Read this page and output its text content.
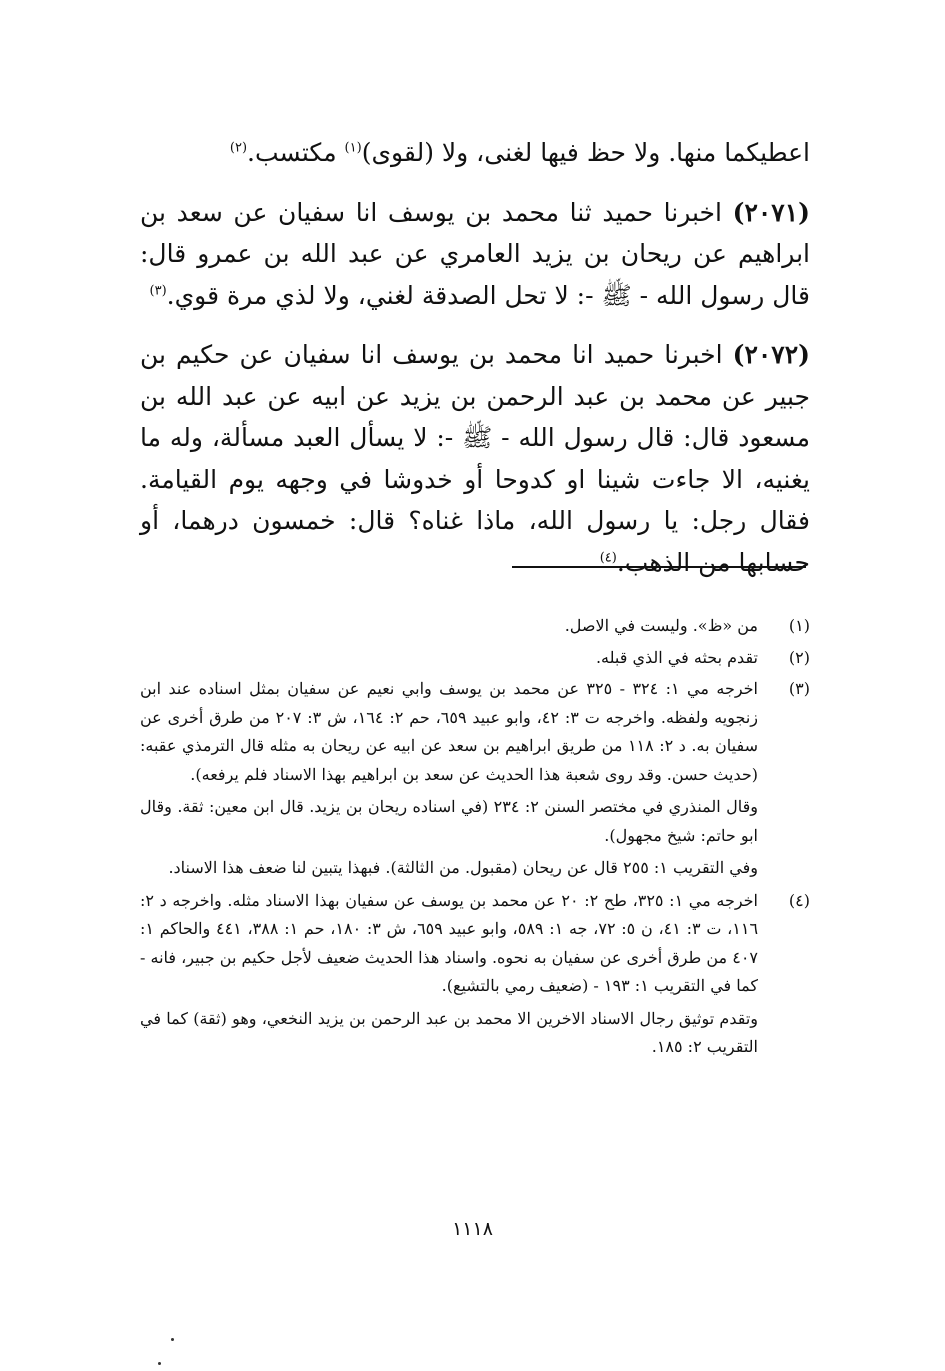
اعطيكما منها. ولا حظ فيها لغنى، ولا (لقوى)$^{(١)}$ مكتسب.$^{(٢)}$

(٢٠٧١) اخبرنا حميد ثنا محمد بن يوسف انا سفيان عن سعد بن ابراهيم عن ريحان بن يزيد العامري عن عبد الله بن عمرو قال: قال رسول الله - ﷺ -: لا تحل الصدقة لغني، ولا لذي مرة قوي.$^{(٣)}$

(٢٠٧٢) اخبرنا حميد انا محمد بن يوسف انا سفيان عن حكيم بن جبير عن محمد بن عبد الرحمن بن يزيد عن ابيه عن عبد الله بن مسعود قال: قال رسول الله - ﷺ -: لا يسأل العبد مسألة، وله ما يغنيه، الا جاءت شينا او كدوحا أو خدوشا في وجهه يوم القيامة. فقال رجل: يا رسول الله، ماذا غناه؟ قال: خمسون درهما، أو حسابها من الذهب.$^{(٤)}$

(١)

من «ظ». وليست في الاصل.

(٢)

تقدم بحثه في الذي قبله.

(٣)

اخرجه مي ١: ٣٢٤ - ٣٢٥ عن محمد بن يوسف وابي نعيم عن سفيان بمثل اسناده عند ابن زنجويه ولفظه. واخرجه ت ٣: ٤٢، وابو عبيد ٦٥٩، حم ٢: ١٦٤، ش ٣: ٢٠٧ من طرق أخرى عن سفيان به. د ٢: ١١٨ من طريق ابراهيم بن سعد عن ابيه عن ريحان به مثله قال الترمذي عقبه: (حديث حسن. وقد روى شعبة هذا الحديث عن سعد بن ابراهيم بهذا الاسناد فلم يرفعه).

وقال المنذري في مختصر السنن ٢: ٢٣٤ (في اسناده ريحان بن يزيد. قال ابن معين: ثقة. وقال ابو حاتم: شيخ مجهول).

وفي التقريب ١: ٢٥٥ قال عن ريحان (مقبول. من الثالثة). فبهذا يتبين لنا ضعف هذا الاسناد.

(٤)

اخرجه مي ١: ٣٢٥، طح ٢: ٢٠ عن محمد بن يوسف عن سفيان بهذا الاسناد مثله. واخرجه د ٢: ١١٦، ت ٣: ٤١، ن ٥: ٧٢، جه ١: ٥٨٩، وابو عبيد ٦٥٩، ش ٣: ١٨٠، حم ١: ٣٨٨، ٤٤١ والحاكم ١: ٤٠٧ من طرق أخرى عن سفيان به نحوه. واسناد هذا الحديث ضعيف لأجل حكيم بن جبير، فانه - كما في التقريب ١: ١٩٣ - (ضعيف رمي بالتشيع).

وتقدم توثيق رجال الاسناد الاخرين الا محمد بن عبد الرحمن بن يزيد النخعي، وهو (ثقة) كما في التقريب ٢: ١٨٥.

١١١٨
